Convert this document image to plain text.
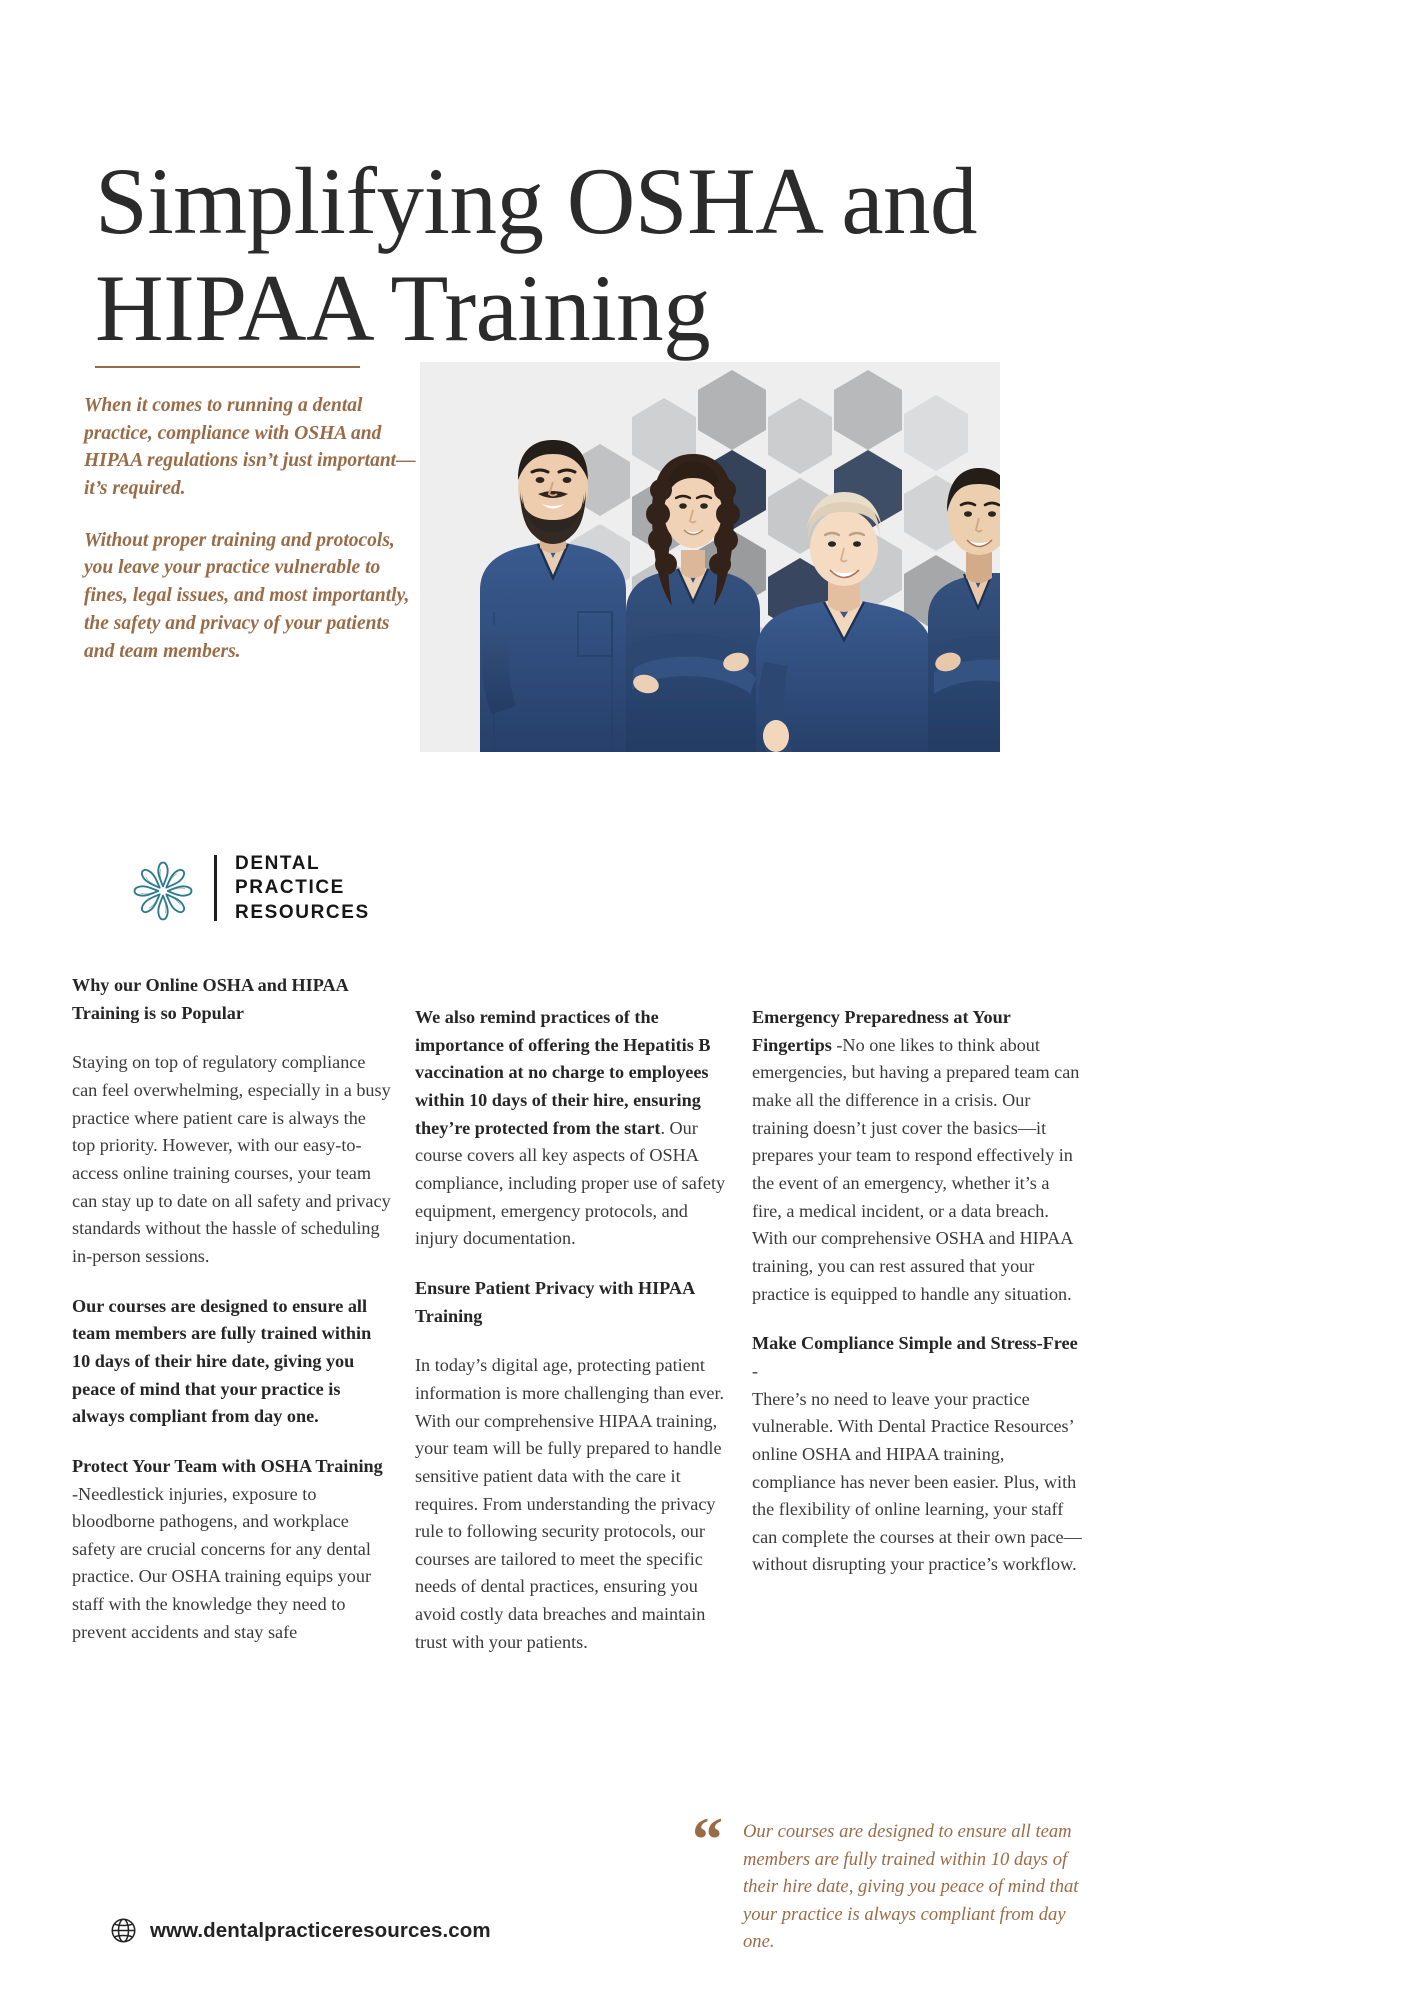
Simplifying OSHA and
HIPAA Training

When it comes to running a dental practice, compliance with OSHA and HIPAA regulations isn’t just important—it’s required.

Without proper training and protocols, you leave your practice vulnerable to fines, legal issues, and most importantly, the safety and privacy of your patients and team members.

DENTAL
PRACTICE
RESOURCES

Why our Online OSHA and HIPAA Training is so Popular

Staying on top of regulatory compliance can feel overwhelming, especially in a busy practice where patient care is always the top priority. However, with our easy-to-access online training courses, your team can stay up to date on all safety and privacy standards without the hassle of scheduling in-person sessions.

Our courses are designed to ensure all team members are fully trained within 10 days of their hire date, giving you peace of mind that your practice is always compliant from day one.

Protect Your Team with OSHA Training -Needlestick injuries, exposure to bloodborne pathogens, and workplace safety are crucial concerns for any dental practice. Our OSHA training equips your staff with the knowledge they need to prevent accidents and stay safe

We also remind practices of the importance of offering the Hepatitis B vaccination at no charge to employees within 10 days of their hire, ensuring they’re protected from the start. Our course covers all key aspects of OSHA compliance, including proper use of safety equipment, emergency protocols, and injury documentation.

Ensure Patient Privacy with HIPAA Training

In today’s digital age, protecting patient information is more challenging than ever. With our comprehensive HIPAA training, your team will be fully prepared to handle sensitive patient data with the care it requires. From understanding the privacy rule to following security protocols, our courses are tailored to meet the specific needs of dental practices, ensuring you avoid costly data breaches and maintain trust with your patients.

Emergency Preparedness at Your Fingertips -No one likes to think about emergencies, but having a prepared team can make all the difference in a crisis. Our training doesn’t just cover the basics—it prepares your team to respond effectively in the event of an emergency, whether it’s a fire, a medical incident, or a data breach. With our comprehensive OSHA and HIPAA training, you can rest assured that your practice is equipped to handle any situation.

Make Compliance Simple and Stress-Free -
There’s no need to leave your practice vulnerable. With Dental Practice Resources’ online OSHA and HIPAA training, compliance has never been easier. Plus, with the flexibility of online learning, your staff can complete the courses at their own pace—without disrupting your practice’s workflow.

“ Our courses are designed to ensure all team members are fully trained within 10 days of their hire date, giving you peace of mind that your practice is always compliant from day one.
www.dentalpracticeresources.com
